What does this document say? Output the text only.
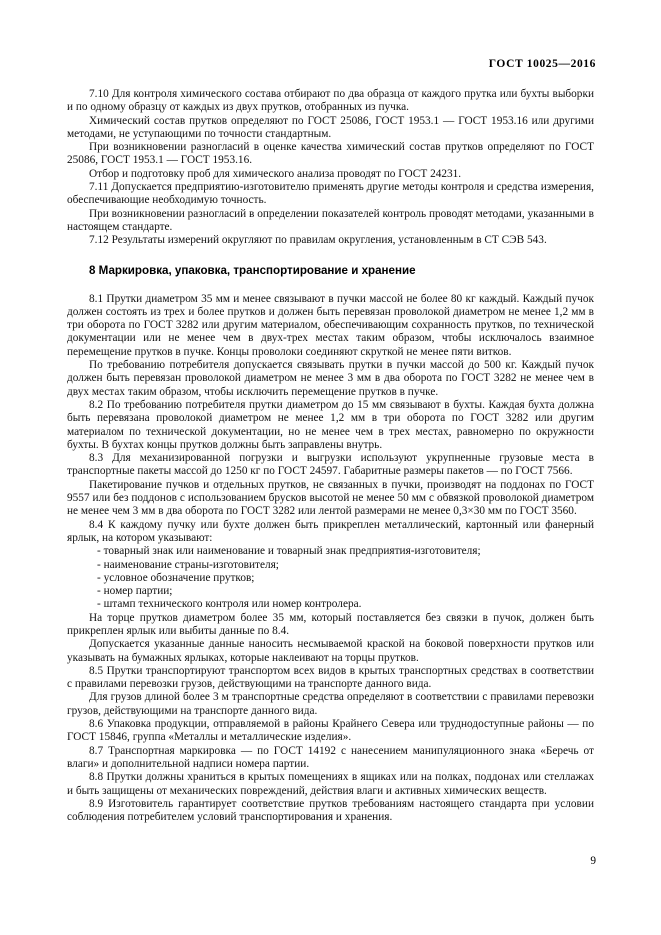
ГОСТ 10025—2016

7.10 Для контроля химического состава отбирают по два образца от каждого прутка или бухты выборки и по одному образцу от каждых из двух прутков, отобранных из пучка.

Химический состав прутков определяют по ГОСТ 25086, ГОСТ 1953.1 — ГОСТ 1953.16 или другими методами, не уступающими по точности стандартным.

При возникновении разногласий в оценке качества химический состав прутков определяют по ГОСТ 25086, ГОСТ 1953.1 — ГОСТ 1953.16.

Отбор и подготовку проб для химического анализа проводят по ГОСТ 24231.

7.11 Допускается предприятию-изготовителю применять другие методы контроля и средства измерения, обеспечивающие необходимую точность.

При возникновении разногласий в определении показателей контроль проводят методами, указанными в настоящем стандарте.

7.12 Результаты измерений округляют по правилам округления, установленным в СТ СЭВ 543.

8 Маркировка, упаковка, транспортирование и хранение

8.1 Прутки диаметром 35 мм и менее связывают в пучки массой не более 80 кг каждый. Каждый пучок должен состоять из трех и более прутков и должен быть перевязан проволокой диаметром не менее 1,2 мм в три оборота по ГОСТ 3282 или другим материалом, обеспечивающим сохранность прутков, по технической документации или не менее чем в двух-трех местах таким образом, чтобы исключалось взаимное перемещение прутков в пучке. Концы проволоки соединяют скруткой не менее пяти витков.

По требованию потребителя допускается связывать прутки в пучки массой до 500 кг. Каждый пучок должен быть перевязан проволокой диаметром не менее 3 мм в два оборота по ГОСТ 3282 не менее чем в двух местах таким образом, чтобы исключить перемещение прутков в пучке.

8.2 По требованию потребителя прутки диаметром до 15 мм связывают в бухты. Каждая бухта должна быть перевязана проволокой диаметром не менее 1,2 мм в три оборота по ГОСТ 3282 или другим материалом по технической документации, но не менее чем в трех местах, равномерно по окружности бухты. В бухтах концы прутков должны быть заправлены внутрь.

8.3 Для механизированной погрузки и выгрузки используют укрупненные грузовые места в транспортные пакеты массой до 1250 кг по ГОСТ 24597. Габаритные размеры пакетов — по ГОСТ 7566.

Пакетирование пучков и отдельных прутков, не связанных в пучки, производят на поддонах по ГОСТ 9557 или без поддонов с использованием брусков высотой не менее 50 мм с обвязкой проволокой диаметром не менее чем 3 мм в два оборота по ГОСТ 3282 или лентой размерами не менее 0,3×30 мм по ГОСТ 3560.

8.4 К каждому пучку или бухте должен быть прикреплен металлический, картонный или фанерный ярлык, на котором указывают:

- товарный знак или наименование и товарный знак предприятия-изготовителя;

- наименование страны-изготовителя;

- условное обозначение прутков;

- номер партии;

- штамп технического контроля или номер контролера.

На торце прутков диаметром более 35 мм, который поставляется без связки в пучок, должен быть прикреплен ярлык или выбиты данные по 8.4.

Допускается указанные данные наносить несмываемой краской на боковой поверхности прутков или указывать на бумажных ярлыках, которые наклеивают на торцы прутков.

8.5 Прутки транспортируют транспортом всех видов в крытых транспортных средствах в соответствии с правилами перевозки грузов, действующими на транспорте данного вида.

Для грузов длиной более 3 м транспортные средства определяют в соответствии с правилами перевозки грузов, действующими на транспорте данного вида.

8.6 Упаковка продукции, отправляемой в районы Крайнего Севера или труднодоступные районы — по ГОСТ 15846, группа «Металлы и металлические изделия».

8.7 Транспортная маркировка — по ГОСТ 14192 с нанесением манипуляционного знака «Беречь от влаги» и дополнительной надписи номера партии.

8.8 Прутки должны храниться в крытых помещениях в ящиках или на полках, поддонах или стеллажах и быть защищены от механических повреждений, действия влаги и активных химических веществ.

8.9 Изготовитель гарантирует соответствие прутков требованиям настоящего стандарта при условии соблюдения потребителем условий транспортирования и хранения.

9
